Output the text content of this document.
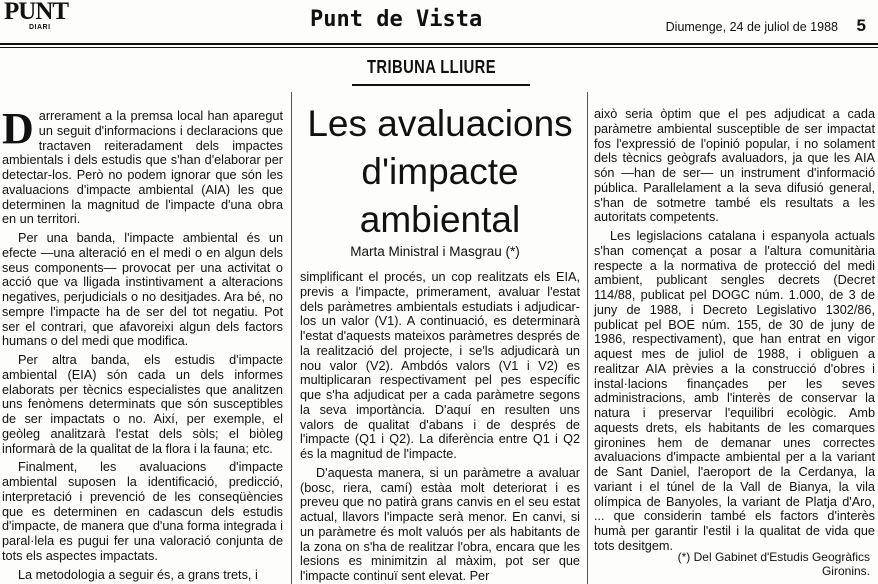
PUNT
DIARI	Punt de Vista	Diumenge, 24 de juliol de 1988 5
TRIBUNA LLIURE

Darrerament a la premsa local han aparegut un seguit d'informacions i declaracions que tractaven reiteradament dels impactes ambientals i dels estudis que s'han d'elaborar per detectar-los. Però no podem ignorar que són les avaluacions d'impacte ambiental (AIA) les que determinen la magnitud de l'impacte d'una obra en un territori.

Per una banda, l'impacte ambiental és un efecte —una alteració en el medi o en algun dels seus components— provocat per una activitat o acció que va lligada instintivament a alteracions negatives, perjudicials o no desitjades. Ara bé, no sempre l'impacte ha de ser del tot negatiu. Pot ser el contrari, que afavoreixi algun dels factors humans o del medi que modifica.

Per altra banda, els estudis d'impacte ambiental (EIA) són cada un dels informes elaborats per tècnics especialistes que analitzen uns fenòmens determinats que són susceptibles de ser impactats o no. Així, per exemple, el geòleg analitzarà l'estat dels sòls; el biòleg informarà de la qualitat de la flora i la fauna; etc.

Finalment, les avaluacions d'impacte ambiental suposen la identificació, predicció, interpretació i prevenció de les conseqüències que es determinen en cadascun dels estudis d'impacte, de manera que d'una forma integrada i paral·lela es pugui fer una valoració conjunta de tots els aspectes impactats.

La metodologia a seguir és, a grans trets, i

Les avaluacions
d'impacte
ambiental
Marta Ministral i Masgrau (*)

simplificant el procés, un cop realitzats els EIA, previs a l'impacte, primerament, avaluar l'estat dels paràmetres ambientals estudiats i adjudicar-los un valor (V1). A continuació, es determinarà l'estat d'aquests mateixos paràmetres després de la realització del projecte, i se'ls adjudicarà un nou valor (V2). Ambdós valors (V1 i V2) es multiplicaran respectivament pel pes específic que s'ha adjudicat per a cada paràmetre segons la seva importància. D'aquí en resulten uns valors de qualitat d'abans i de després de l'impacte (Q1 i Q2). La diferència entre Q1 i Q2 és la magnitud de l'impacte.

D'aquesta manera, si un paràmetre a avaluar (bosc, riera, camí) estàa molt deteriorat i es preveu que no patirà grans canvis en el seu estat actual, llavors l'impacte serà menor. En canvi, si un paràmetre és molt valuós per als habitants de la zona on s'ha de realitzar l'obra, encara que les lesions es minimitzin al màxim, pot ser que l'impacte continuï sent elevat. Per

això seria òptim que el pes adjudicat a cada paràmetre ambiental susceptible de ser impactat fos l'expressió de l'opinió popular, i no solament dels tècnics geògrafs avaluadors, ja que les AIA són —han de ser— un instrument d'informació pública. Parallelament a la seva difusió general, s'han de sotmetre també els resultats a les autoritats competents.

Les legislacions catalana i espanyola actuals s'han començat a posar a l'altura comunitària respecte a la normativa de protecció del medi ambient, publicant sengles decrets (Decret 114/88, publicat pel DOGC núm. 1.000, de 3 de juny de 1988, i Decreto Legislativo 1302/86, publicat pel BOE núm. 155, de 30 de juny de 1986, respectivament), que han entrat en vigor aquest mes de juliol de 1988, i obliguen a realitzar AIA prèvies a la construcció d'obres i instal·lacions finançades per les seves administracions, amb l'interès de conservar la natura i preservar l'equilibri ecològic. Amb aquests drets, els habitants de les comarques gironines hem de demanar unes correctes avaluacions d'impacte ambiental per a la variant de Sant Daniel, l'aeroport de la Cerdanya, la variant i el túnel de la Vall de Bianya, la vila olímpica de Banyoles, la variant de Platja d'Aro, ... que considerin també els factors d'interès humà per garantir l'estil i la qualitat de vida que tots desitgem.

(*) Del Gabinet d'Estudis Geogràfics
Gironins.
